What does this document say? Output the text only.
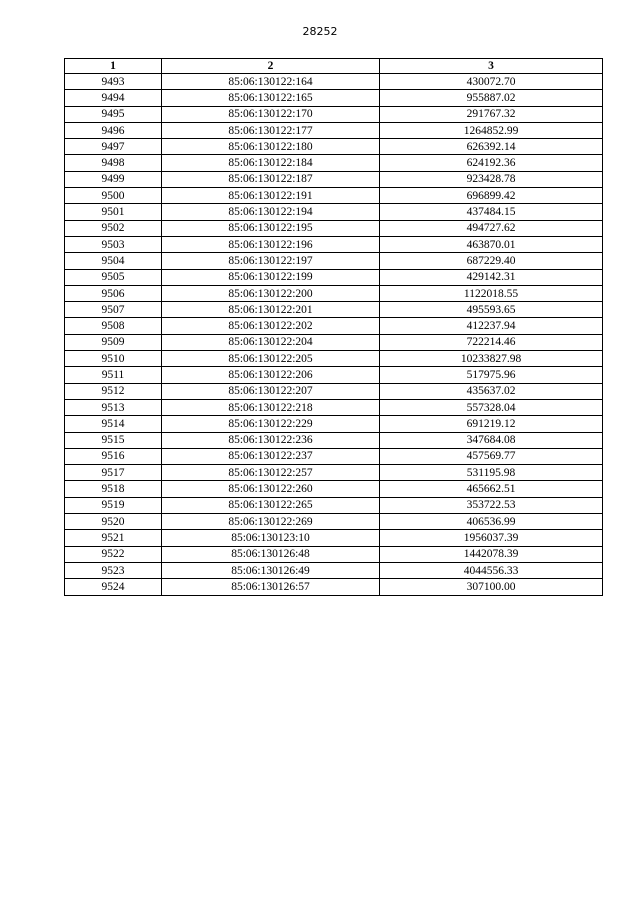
28252
1	2	3
9493	85:06:130122:164	430072.70
9494	85:06:130122:165	955887.02
9495	85:06:130122:170	291767.32
9496	85:06:130122:177	1264852.99
9497	85:06:130122:180	626392.14
9498	85:06:130122:184	624192.36
9499	85:06:130122:187	923428.78
9500	85:06:130122:191	696899.42
9501	85:06:130122:194	437484.15
9502	85:06:130122:195	494727.62
9503	85:06:130122:196	463870.01
9504	85:06:130122:197	687229.40
9505	85:06:130122:199	429142.31
9506	85:06:130122:200	1122018.55
9507	85:06:130122:201	495593.65
9508	85:06:130122:202	412237.94
9509	85:06:130122:204	722214.46
9510	85:06:130122:205	10233827.98
9511	85:06:130122:206	517975.96
9512	85:06:130122:207	435637.02
9513	85:06:130122:218	557328.04
9514	85:06:130122:229	691219.12
9515	85:06:130122:236	347684.08
9516	85:06:130122:237	457569.77
9517	85:06:130122:257	531195.98
9518	85:06:130122:260	465662.51
9519	85:06:130122:265	353722.53
9520	85:06:130122:269	406536.99
9521	85:06:130123:10	1956037.39
9522	85:06:130126:48	1442078.39
9523	85:06:130126:49	4044556.33
9524	85:06:130126:57	307100.00
